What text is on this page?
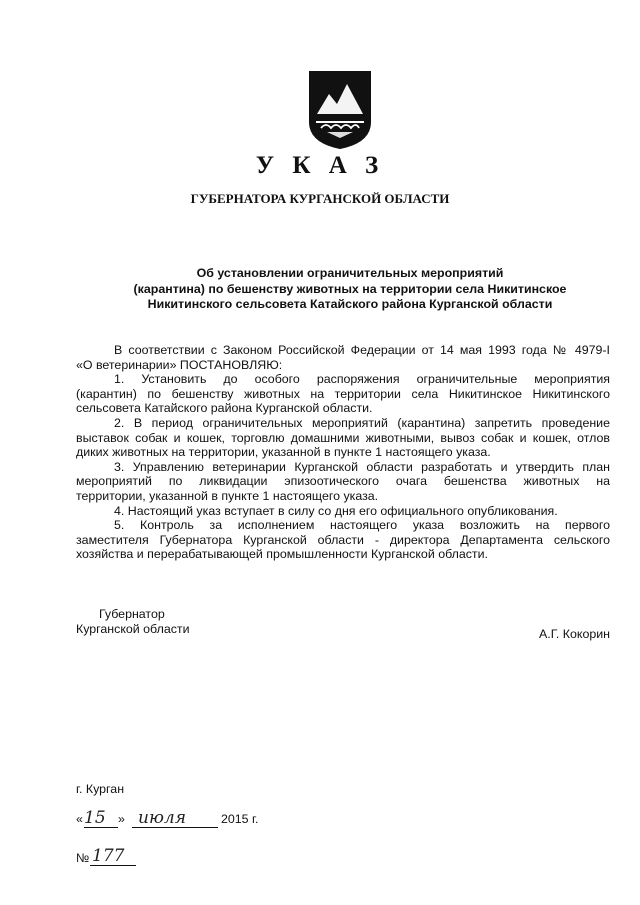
У К А З
ГУБЕРНАТОРА КУРГАНСКОЙ ОБЛАСТИ
Об установлении ограничительных мероприятий
(карантина) по бешенству животных на территории села Никитинское
Никитинского сельсовета Катайского района Курганской области
В соответствии с Законом Российской Федерации от 14 мая 1993 года № 4979-I
«О ветеринарии» ПОСТАНОВЛЯЮ:
1. Установить до особого распоряжения ограничительные мероприятия
(карантин) по бешенству животных на территории села Никитинское Никитинского
сельсовета Катайского района Курганской области.
2. В период ограничительных мероприятий (карантина) запретить проведение
выставок собак и кошек, торговлю домашними животными, вывоз собак и кошек, отлов
диких животных на территории, указанной в пункте 1 настоящего указа.
3. Управлению ветеринарии Курганской области разработать и утвердить план
мероприятий по ликвидации эпизоотического очага бешенства животных на
территории, указанной в пункте 1 настоящего указа.
4. Настоящий указ вступает в силу со дня его официального опубликования.
5. Контроль за исполнением настоящего указа возложить на первого
заместителя Губернатора Курганской области - директора Департамента сельского
хозяйства и перерабатывающей промышленности Курганской области.
Губернатор
Курганской области	А.Г. Кокорин
г. Курган
« 15 » июля	2015 г.
№ 177
